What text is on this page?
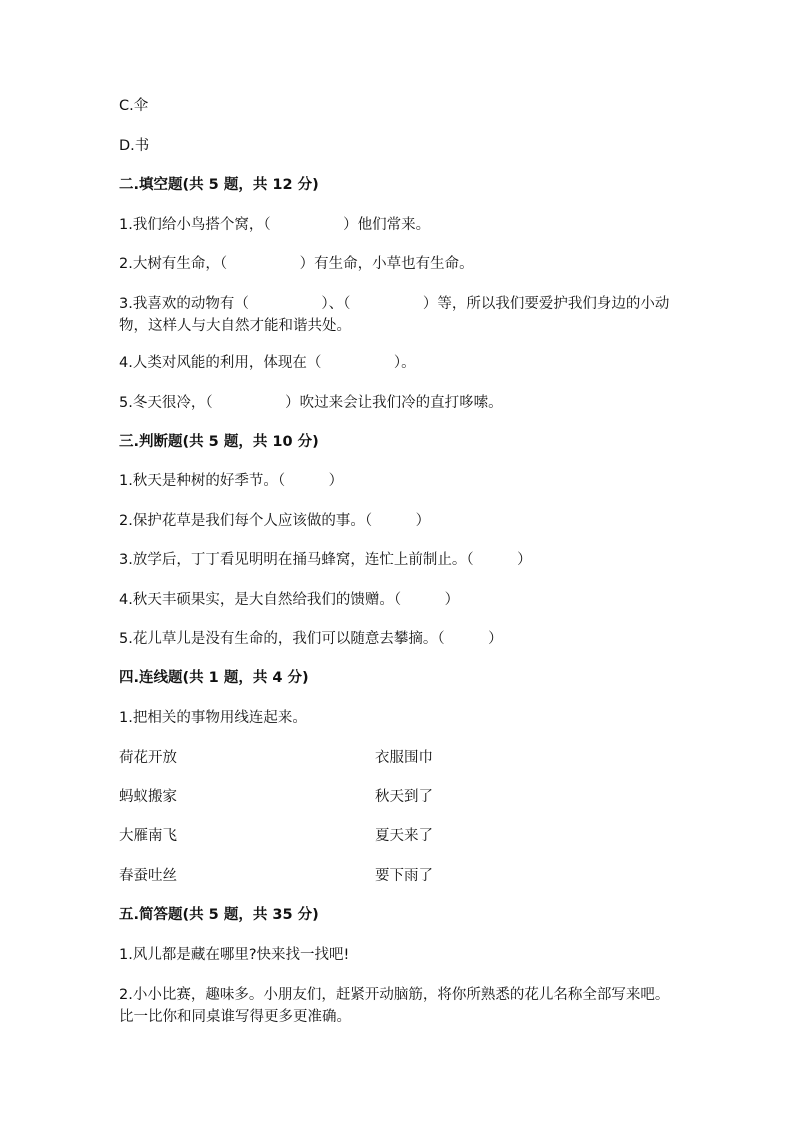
C.伞

D.书

二.填空题(共 5 题，共 12 分)

1.我们给小鸟搭个窝，（　　　　　）他们常来。

2.大树有生命，（　　　　　）有生命，小草也有生命。

3.我喜欢的动物有（　　　　　）、（　　　　　）等，所以我们要爱护我们身边的小动物，这样人与大自然才能和谐共处。

4.人类对风能的利用，体现在（　　　　　）。

5.冬天很冷，（　　　　　）吹过来会让我们冷的直打哆嗦。

三.判断题(共 5 题，共 10 分)

1.秋天是种树的好季节。（　　　）

2.保护花草是我们每个人应该做的事。（　　　）

3.放学后，丁丁看见明明在捅马蜂窝，连忙上前制止。（　　　）

4.秋天丰硕果实，是大自然给我们的馈赠。（　　　）

5.花儿草儿是没有生命的，我们可以随意去攀摘。（　　　）

四.连线题(共 1 题，共 4 分)

1.把相关的事物用线连起来。

荷花开放	衣服围巾

蚂蚁搬家	秋天到了

大雁南飞	夏天来了

春蚕吐丝	要下雨了

五.简答题(共 5 题，共 35 分)

1.风儿都是藏在哪里?快来找一找吧!

2.小小比赛，趣味多。小朋友们，赶紧开动脑筋，将你所熟悉的花儿名称全部写来吧。比一比你和同桌谁写得更多更准确。
